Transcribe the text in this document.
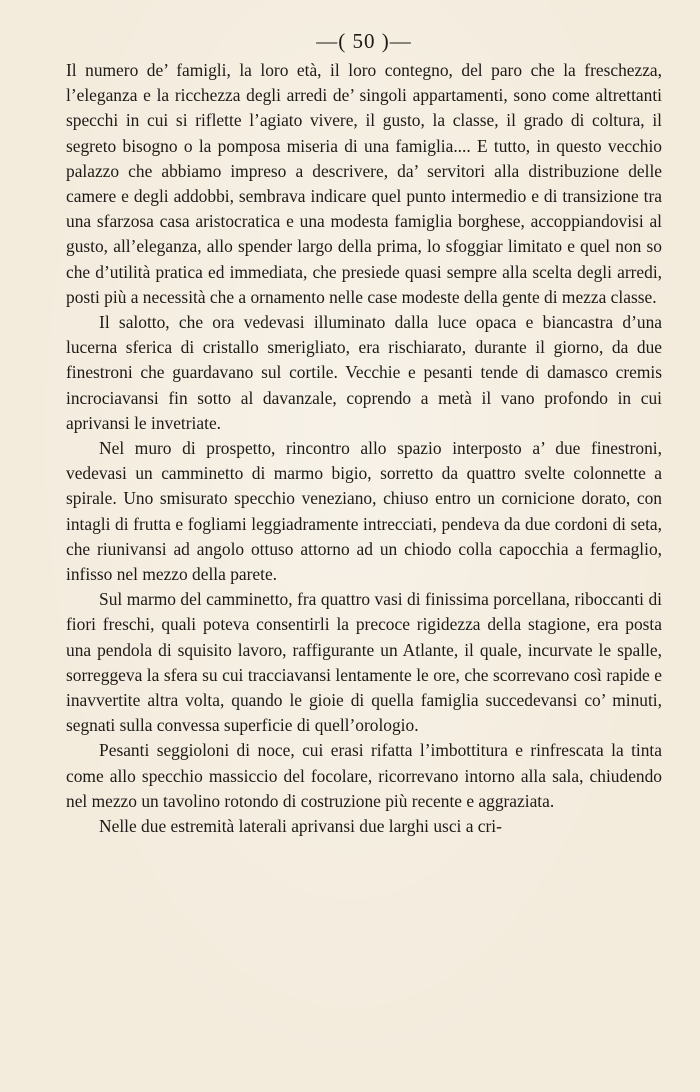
—( 50 )—

Il numero de’ famigli, la loro età, il loro contegno, del paro che la freschezza, l’eleganza e la ricchezza degli arredi de’ singoli appartamenti, sono come altrettanti specchi in cui si riflette l’agiato vivere, il gusto, la classe, il grado di coltura, il segreto bisogno o la pomposa miseria di una famiglia.... E tutto, in questo vecchio palazzo che abbiamo impreso a descrivere, da’ servitori alla distribuzione delle camere e degli addobbi, sembrava indicare quel punto intermedio e di transizione tra una sfarzosa casa aristocratica e una modesta famiglia borghese, accoppiandovisi al gusto, all’eleganza, allo spender largo della prima, lo sfoggiar limitato e quel non so che d’utilità pratica ed immediata, che presiede quasi sempre alla scelta degli arredi, posti più a necessità che a ornamento nelle case modeste della gente di mezza classe.

Il salotto, che ora vedevasi illuminato dalla luce opaca e biancastra d’una lucerna sferica di cristallo smerigliato, era rischiarato, durante il giorno, da due finestroni che guardavano sul cortile. Vecchie e pesanti tende di damasco cremis incrociavansi fin sotto al davanzale, coprendo a metà il vano profondo in cui aprivansi le invetriate.

Nel muro di prospetto, rincontro allo spazio interposto a’ due finestroni, vedevasi un camminetto di marmo bigio, sorretto da quattro svelte colonnette a spirale. Uno smisurato specchio veneziano, chiuso entro un cornicione dorato, con intagli di frutta e fogliami leggiadramente intrecciati, pendeva da due cordoni di seta, che riunivansi ad angolo ottuso attorno ad un chiodo colla capocchia a fermaglio, infisso nel mezzo della parete.

Sul marmo del camminetto, fra quattro vasi di finissima porcellana, riboccanti di fiori freschi, quali poteva consentirli la precoce rigidezza della stagione, era posta una pendola di squisito lavoro, raffigurante un Atlante, il quale, incurvate le spalle, sorreggeva la sfera su cui tracciavansi lentamente le ore, che scorrevano così rapide e inavvertite altra volta, quando le gioie di quella famiglia succedevansi co’ minuti, segnati sulla convessa superficie di quell’orologio.

Pesanti seggioloni di noce, cui erasi rifatta l’imbottitura e rinfrescata la tinta come allo specchio massiccio del focolare, ricorrevano intorno alla sala, chiudendo nel mezzo un tavolino rotondo di costruzione più recente e aggraziata.

Nelle due estremità laterali aprivansi due larghi usci a cri-
